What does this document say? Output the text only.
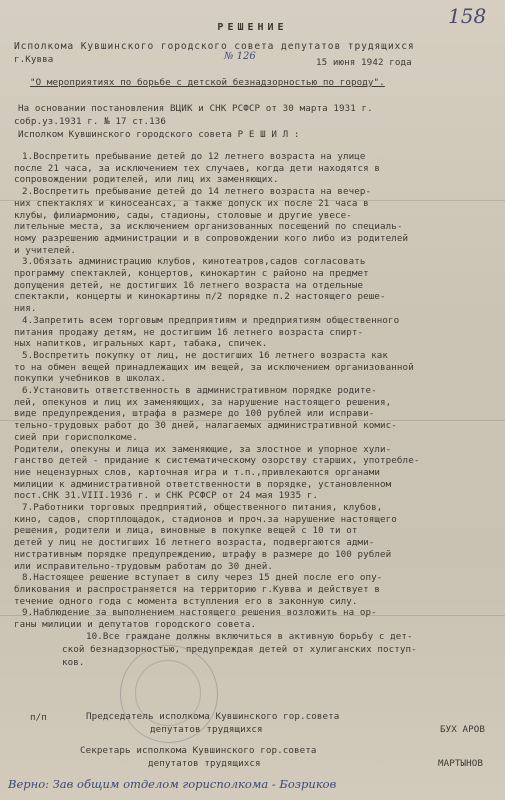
158
РЕШЕНИЕ
Исполкома Кувшинского городского совета депутатов трудящихся
г.Кувва	№ 126
15 июня 1942 года
"О мероприятиях по борьбе с детской безнадзорностью по городу".
На основании постановления ВЦИК и СНК РСФСР от 30 марта 1931 г.
собр.уз.1931 г. № 17 ст.136
Исполком Кувшинского городского совета Р Е Ш И Л :
1.Воспретить пребывание детей до 12 летнего возраста на улице
после 21 часа, за исключением тех случаев, когда дети находятся в
сопровождении родителей, или лиц их заменяющих.
2.Воспретить пребывание детей до 14 летнего возраста на вечер-
них спектаклях и киносеансах, а также допуск их после 21 часа в
клубы, филиармонию, сады, стадионы, столовые и другие увесе-
лительные места, за исключением организованных посещений по специаль-
ному разрешению администрации и в сопровождении кого либо из родителей
и учителей.
3.Обязать администрацию клубов, кинотеатров,садов согласовать
программу спектаклей, концертов, кинокартин с районо на предмет
допущения детей, не достигших 16 летнего возраста на отдельные
спектакли, концерты и кинокартины п/2 порядке п.2 настоящего реше-
ния.
4.Запретить всем торговым предприятиям и предприятиям общественного
питания продажу детям, не достигшим 16 летнего возраста спирт-
ных напитков, игральных карт, табака, спичек.
5.Воспретить покупку от лиц, не достигших 16 летнего возраста как
то на обмен вещей принадлежащих им вещей, за исключением организованной
покупки учебников в школах.
6.Установить ответственность в административном порядке родите-
лей, опекунов и лиц их заменяющих, за нарушение настоящего решения,
виде предупреждения, штрафа в размере до 100 рублей или исправи-
тельно-трудовых работ до 30 дней, налагаемых административной комис-
сией при горисполкоме.
Родители, опекуны и лица их заменяющие, за злостное и упорное хули-
ганство детей - придание к систематическому озорству старших, употребле-
ние нецензурных слов, карточная игра и т.п.,привлекаются органами
милиции к административной ответственности в порядке, установленном
пост.СНК 31.VIII.1936 г. и СНК РСФСР от 24 мая 1935 г.
7.Работники торговых предприятий, общественного питания, клубов,
кино, садов, спортплощадок, стадионов и проч.за нарушение настоящего
решения, родители и лица, виновные в покупке вещей с 10 ти от
детей у лиц не достигших 16 летнего возраста, подвергаются адми-
нистративным порядке предупреждению, штрафу в размере до 100 рублей
или исправительно-трудовым работам до 30 дней.
8.Настоящее решение вступает в силу через 15 дней после его опу-
бликования и распространяется на территорию г.Кувва и действует в
течение одного года с момента вступления его в законную силу.
9.Наблюдение за выполнением настоящего решения возложить на ор-
ганы милиции и депутатов городского совета.
10.Все граждане должны включиться в активную борьбу с дет-
ской безнадзорностью, предупреждая детей от хулиганских поступ-
ков.
п/п	Председатель исполкома Кувшинского гор.совета
депутатов трудящихся	БУХ АРОВ
Секретарь исполкома Кувшинского гор.совета
депутатов трудящихся	МАРТЫНОВ
Верно: Зав общим отделом горисполкома - Бозриков
